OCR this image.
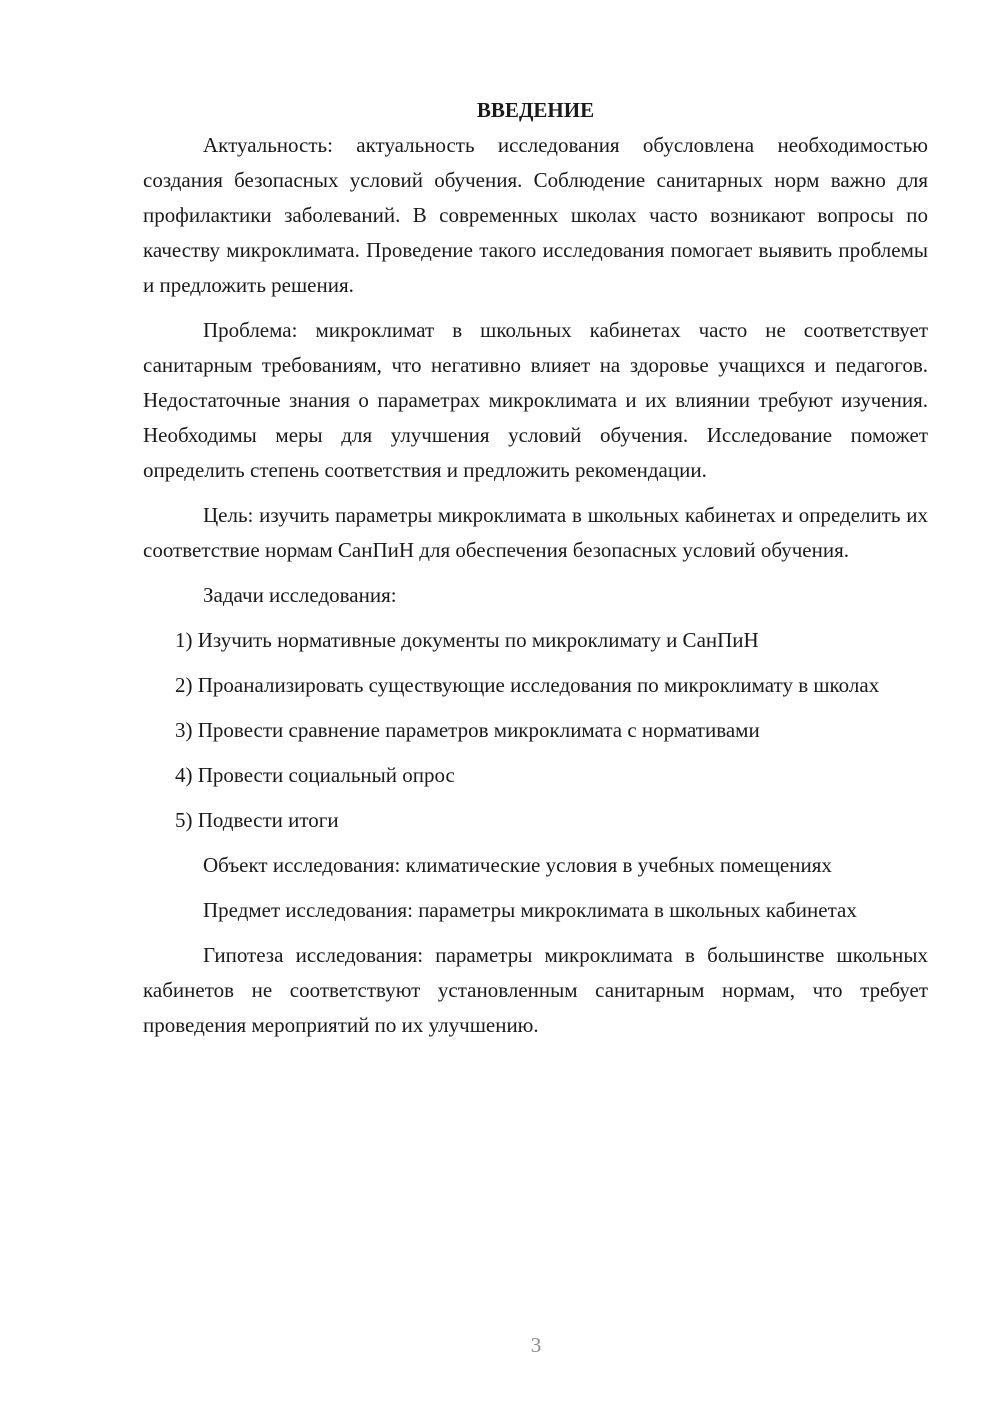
ВВЕДЕНИЕ

Актуальность: актуальность исследования обусловлена необходимостью создания безопасных условий обучения. Соблюдение санитарных норм важно для профилактики заболеваний. В современных школах часто возникают вопросы по качеству микроклимата. Проведение такого исследования помогает выявить проблемы и предложить решения.

Проблема: микроклимат в школьных кабинетах часто не соответствует санитарным требованиям, что негативно влияет на здоровье учащихся и педагогов. Недостаточные знания о параметрах микроклимата и их влиянии требуют изучения. Необходимы меры для улучшения условий обучения. Исследование поможет определить степень соответствия и предложить рекомендации.

Цель: изучить параметры микроклимата в школьных кабинетах и определить их соответствие нормам СанПиН для обеспечения безопасных условий обучения.

Задачи исследования:

1) Изучить нормативные документы по микроклимату и СанПиН

2) Проанализировать существующие исследования по микроклимату в школах

3) Провести сравнение параметров микроклимата с нормативами

4) Провести социальный опрос

5) Подвести итоги

Объект исследования: климатические условия в учебных помещениях

Предмет исследования: параметры микроклимата в школьных кабинетах

Гипотеза исследования: параметры микроклимата в большинстве школьных кабинетов не соответствуют установленным санитарным нормам, что требует проведения мероприятий по их улучшению.

3
